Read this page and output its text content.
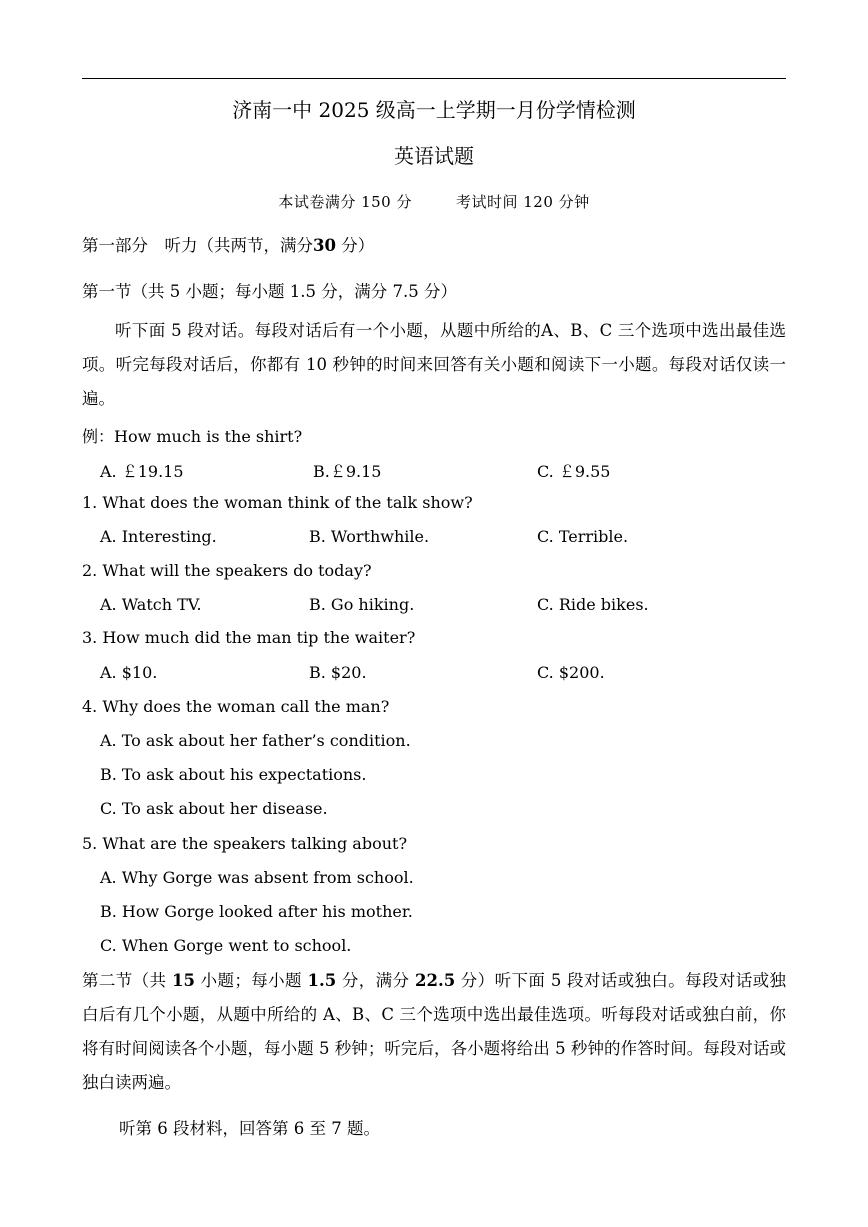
济南一中 2025 级高一上学期一月份学情检测
英语试题
本试卷满分 150 分	考试时间 120 分钟
第一部分　听力（共两节，满分30 分）
第一节（共 5 小题；每小题 1.5 分，满分 7.5 分）
听下面 5 段对话。每段对话后有一个小题，从题中所给的A、B、C 三个选项中选出最佳选项。听完每段对话后，你都有 10 秒钟的时间来回答有关小题和阅读下一小题。每段对话仅读一遍。
例：How much is the shirt?
A. ￡19.15	B.￡9.15	C. ￡9.55
1. What does the woman think of the talk show?
A. Interesting.	B. Worthwhile.	C. Terrible.
2. What will the speakers do today?
A. Watch TV.	B. Go hiking.	C. Ride bikes.
3. How much did the man tip the waiter?
A. $10.	B. $20.	C. $200.
4. Why does the woman call the man?
A. To ask about her father’s condition.
B. To ask about his expectations.
C. To ask about her disease.
5. What are the speakers talking about?
A. Why Gorge was absent from school.
B. How Gorge looked after his mother.
C. When Gorge went to school.
第二节（共 15 小题；每小题 1.5 分，满分 22.5 分）听下面 5 段对话或独白。每段对话或独白后有几个小题，从题中所给的 A、B、C 三个选项中选出最佳选项。听每段对话或独白前，你将有时间阅读各个小题，每小题 5 秒钟；听完后，各小题将给出 5 秒钟的作答时间。每段对话或独白读两遍。
听第 6 段材料，回答第 6 至 7 题。
